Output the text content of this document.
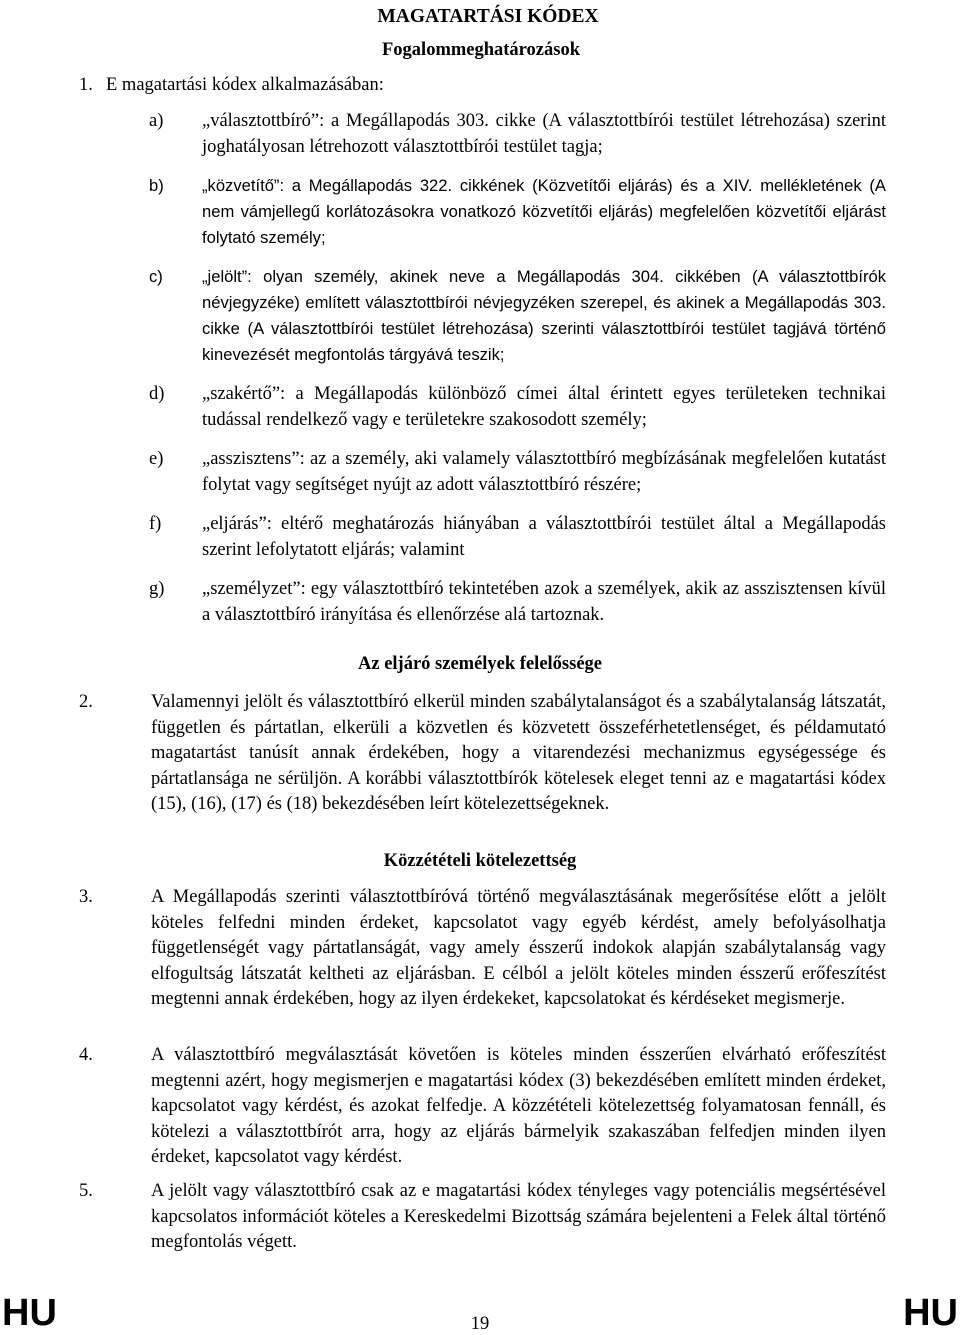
MAGATARTÁSI KÓDEX
Fogalommeghatározások
1. E magatartási kódex alkalmazásában:
a) „választottbíró”: a Megállapodás 303. cikke (A választottbírói testület létrehozása) szerint joghatályosan létrehozott választottbírói testület tagja;
b) „közvetítő”: a Megállapodás 322. cikkének (Közvetítői eljárás) és a XIV. mellékletének (A nem vámjellegű korlátozásokra vonatkozó közvetítői eljárás) megfelelően közvetítői eljárást folytató személy;
c) „jelölt”: olyan személy, akinek neve a Megállapodás 304. cikkében (A választottbírók névjegyzéke) említett választottbírói névjegyzéken szerepel, és akinek a Megállapodás 303. cikke (A választottbírói testület létrehozása) szerinti választottbírói testület tagjává történő kinevezését megfontolás tárgyává teszik;
d) „szakértő”: a Megállapodás különböző címei által érintett egyes területeken technikai tudással rendelkező vagy e területekre szakosodott személy;
e) „asszisztens”: az a személy, aki valamely választottbíró megbízásának megfelelően kutatást folytat vagy segítséget nyújt az adott választottbíró részére;
f) „eljárás”: eltérő meghatározás hiányában a választottbírói testület által a Megállapodás szerint lefolytatott eljárás; valamint
g) „személyzet”: egy választottbíró tekintetében azok a személyek, akik az asszisztensen kívül a választottbíró irányítása és ellenőrzése alá tartoznak.
Az eljáró személyek felelőssége
2.	Valamennyi jelölt és választottbíró elkerül minden szabálytalanságot és a szabálytalanság látszatát, független és pártatlan, elkerüli a közvetlen és közvetett összeférhetetlenséget, és példamutató magatartást tanúsít annak érdekében, hogy a vitarendezési mechanizmus egységessége és pártatlansága ne sérüljön. A korábbi választottbírók kötelesek eleget tenni az e magatartási kódex (15), (16), (17) és (18) bekezdésében leírt kötelezettségeknek.
Közzétételi kötelezettség
3.	A Megállapodás szerinti választottbíróvá történő megválasztásának megerősítése előtt a jelölt köteles felfedni minden érdeket, kapcsolatot vagy egyéb kérdést, amely befolyásolhatja függetlenségét vagy pártatlanságát, vagy amely ésszerű indokok alapján szabálytalanság vagy elfogultság látszatát keltheti az eljárásban. E célból a jelölt köteles minden ésszerű erőfeszítést megtenni annak érdekében, hogy az ilyen érdekeket, kapcsolatokat és kérdéseket megismerje.
4.	A választottbíró megválasztását követően is köteles minden ésszerűen elvárható erőfeszítést megtenni azért, hogy megismerjen e magatartási kódex (3) bekezdésében említett minden érdeket, kapcsolatot vagy kérdést, és azokat felfedje. A közzétételi kötelezettség folyamatosan fennáll, és kötelezi a választottbírót arra, hogy az eljárás bármelyik szakaszában felfedjen minden ilyen érdeket, kapcsolatot vagy kérdést.
5.	A jelölt vagy választottbíró csak az e magatartási kódex tényleges vagy potenciális megsértésével kapcsolatos információt köteles a Kereskedelmi Bizottság számára bejelenteni a Felek által történő megfontolás végett.
HU	19	HU
